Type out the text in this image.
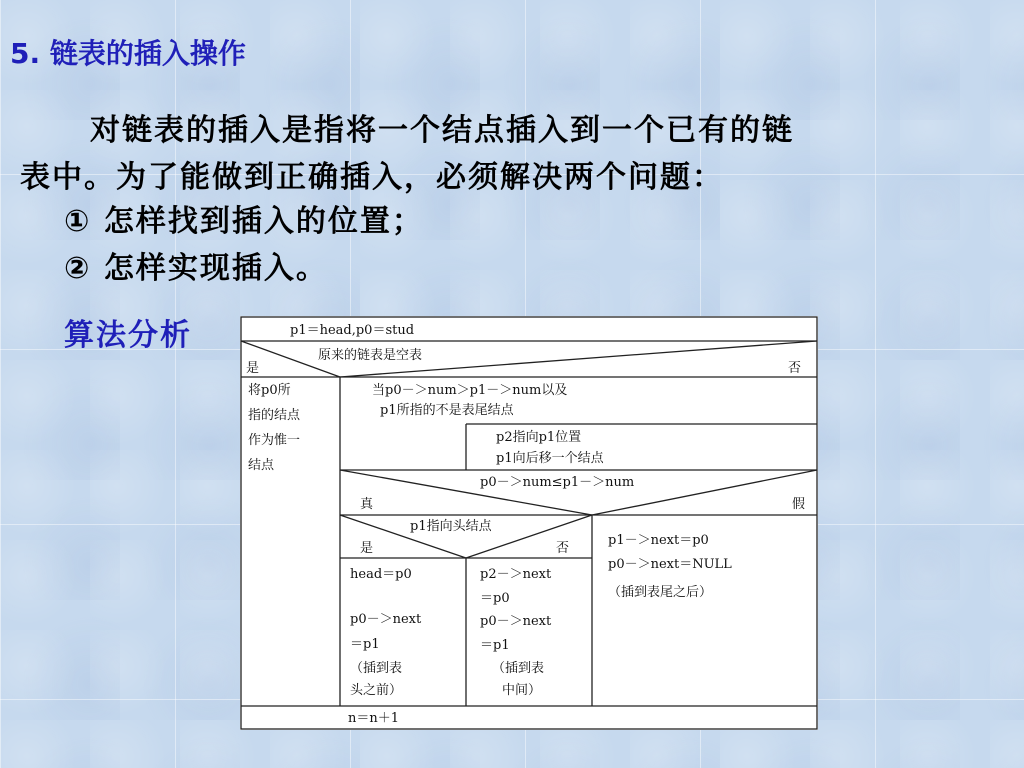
5. 链表的插入操作

对链表的插入是指将一个结点插入到一个已有的链

表中。为了能做到正确插入，必须解决两个问题：

① 怎样找到插入的位置；

② 怎样实现插入。

算法分析	p1＝head,p0＝stud
原来的链表是空表
是	否
将p0所
指的结点
作为惟一
结点
当p0－＞num＞p1－＞num以及
p1所指的不是表尾结点
p2指向p1位置
p1向后移一个结点
p0－＞num≤p1－＞num
真	假
p1指向头结点
是	否
head＝p0
p0－＞next
＝p1
（插到表
头之前）
p2－＞next
＝p0
p0－＞next
＝p1
（插到表
中间）
p1－＞next＝p0
p0－＞next＝NULL
（插到表尾之后）
n＝n＋1
